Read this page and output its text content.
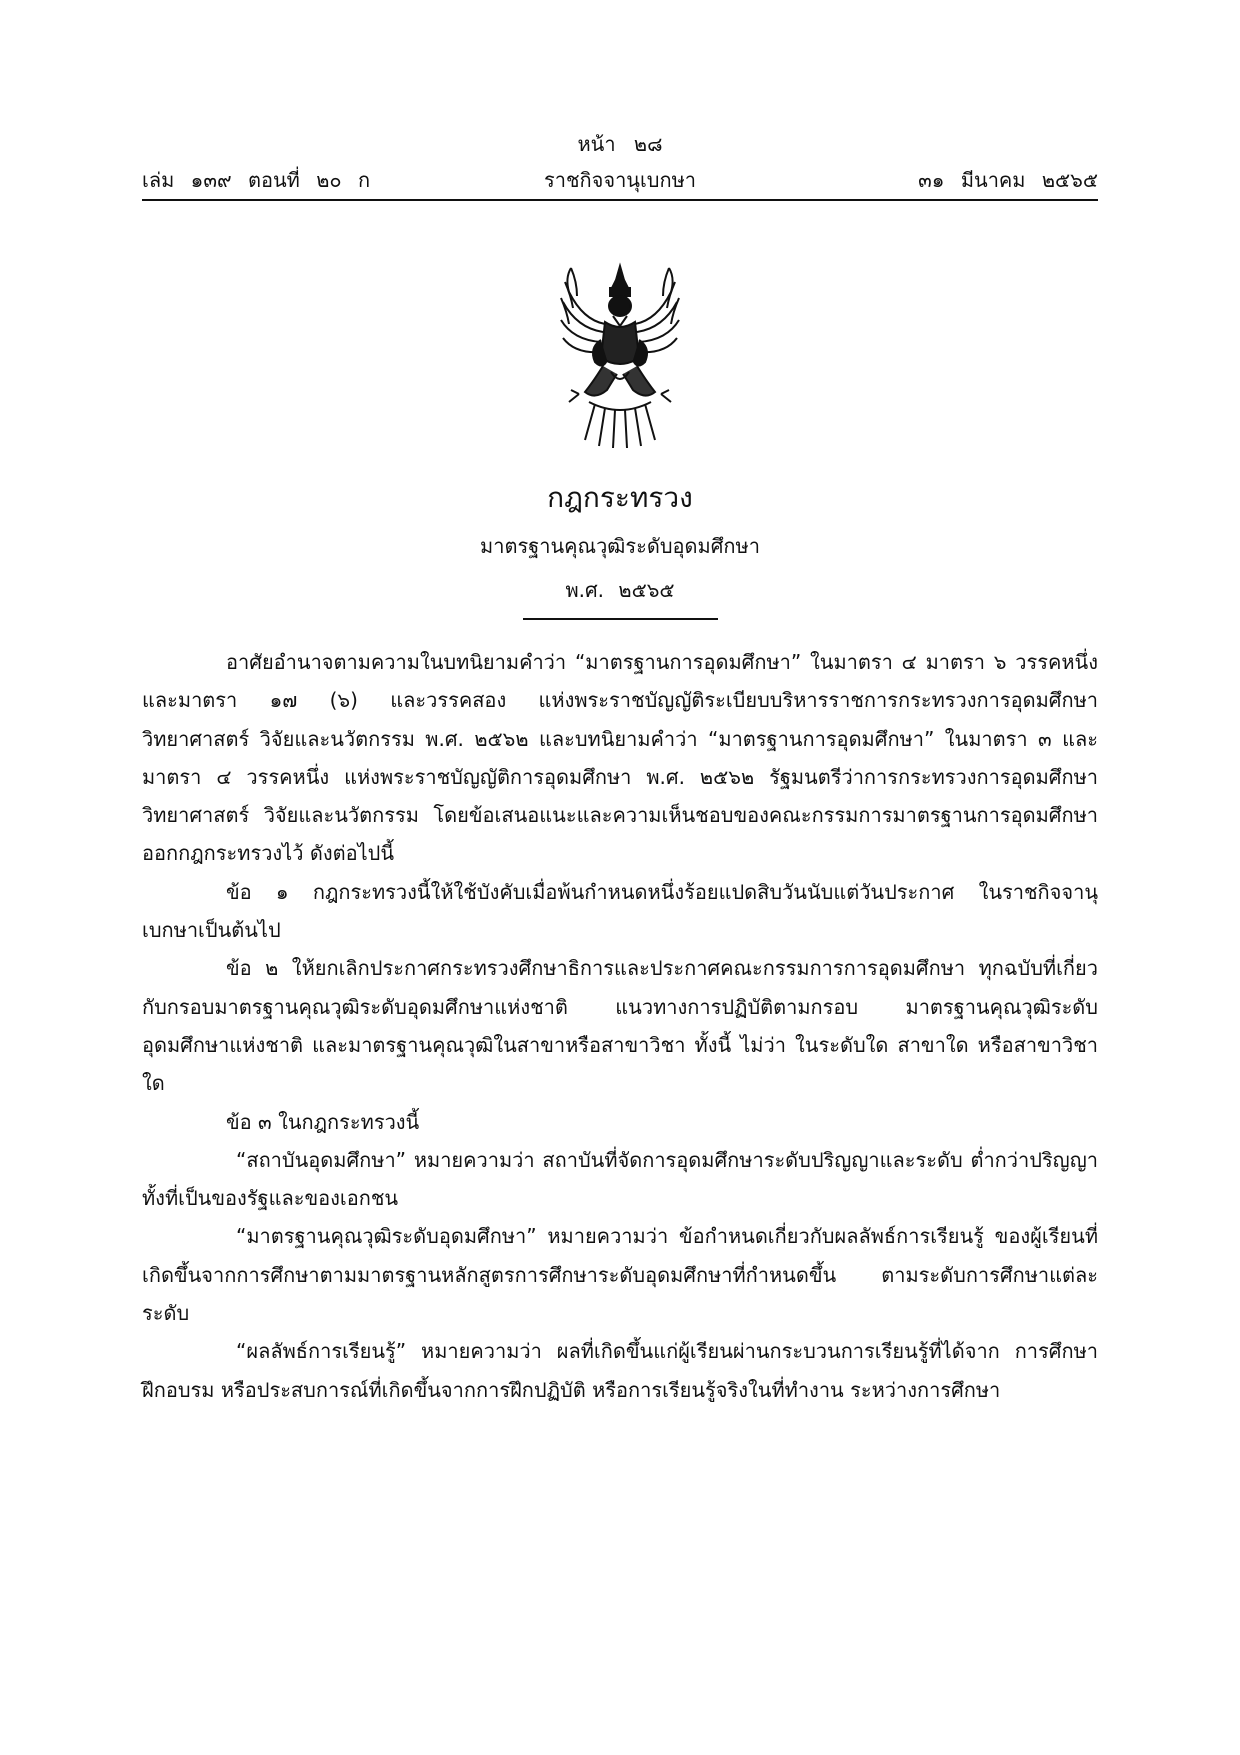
หน้า ๒๘
เล่ม ๑๓๙ ตอนที่ ๒๐ ก	ราชกิจจานุเบกษา	๓๑ มีนาคม ๒๕๖๕
กฎกระทรวง
มาตรฐานคุณวุฒิระดับอุดมศึกษา
พ.ศ. ๒๕๖๕

อาศัยอำนาจตามความในบทนิยามคำว่า “มาตรฐานการอุดมศึกษา” ในมาตรา ๔ มาตรา ๖ วรรคหนึ่ง และมาตรา ๑๗ (๖) และวรรคสอง แห่งพระราชบัญญัติระเบียบบริหารราชการกระทรวงการอุดมศึกษา วิทยาศาสตร์ วิจัยและนวัตกรรม พ.ศ. ๒๕๖๒ และบทนิยามคำว่า “มาตรฐานการอุดมศึกษา” ในมาตรา ๓ และมาตรา ๔ วรรคหนึ่ง แห่งพระราชบัญญัติการอุดมศึกษา พ.ศ. ๒๕๖๒ รัฐมนตรีว่าการกระทรวงการอุดมศึกษา วิทยาศาสตร์ วิจัยและนวัตกรรม โดยข้อเสนอแนะและความเห็นชอบของคณะกรรมการมาตรฐานการอุดมศึกษาออกกฎกระทรวงไว้ ดังต่อไปนี้

ข้อ ๑ กฎกระทรวงนี้ให้ใช้บังคับเมื่อพ้นกำหนดหนึ่งร้อยแปดสิบวันนับแต่วันประกาศ ในราชกิจจานุเบกษาเป็นต้นไป

ข้อ ๒ ให้ยกเลิกประกาศกระทรวงศึกษาธิการและประกาศคณะกรรมการการอุดมศึกษา ทุกฉบับที่เกี่ยวกับกรอบมาตรฐานคุณวุฒิระดับอุดมศึกษาแห่งชาติ แนวทางการปฏิบัติตามกรอบ มาตรฐานคุณวุฒิระดับอุดมศึกษาแห่งชาติ และมาตรฐานคุณวุฒิในสาขาหรือสาขาวิชา ทั้งนี้ ไม่ว่า ในระดับใด สาขาใด หรือสาขาวิชาใด

ข้อ ๓ ในกฎกระทรวงนี้

“สถาบันอุดมศึกษา” หมายความว่า สถาบันที่จัดการอุดมศึกษาระดับปริญญาและระดับ ต่ำกว่าปริญญาทั้งที่เป็นของรัฐและของเอกชน

“มาตรฐานคุณวุฒิระดับอุดมศึกษา” หมายความว่า ข้อกำหนดเกี่ยวกับผลลัพธ์การเรียนรู้ ของผู้เรียนที่เกิดขึ้นจากการศึกษาตามมาตรฐานหลักสูตรการศึกษาระดับอุดมศึกษาที่กำหนดขึ้น ตามระดับการศึกษาแต่ละระดับ

“ผลลัพธ์การเรียนรู้” หมายความว่า ผลที่เกิดขึ้นแก่ผู้เรียนผ่านกระบวนการเรียนรู้ที่ได้จาก การศึกษา ฝึกอบรม หรือประสบการณ์ที่เกิดขึ้นจากการฝึกปฏิบัติ หรือการเรียนรู้จริงในที่ทำงาน ระหว่างการศึกษา
